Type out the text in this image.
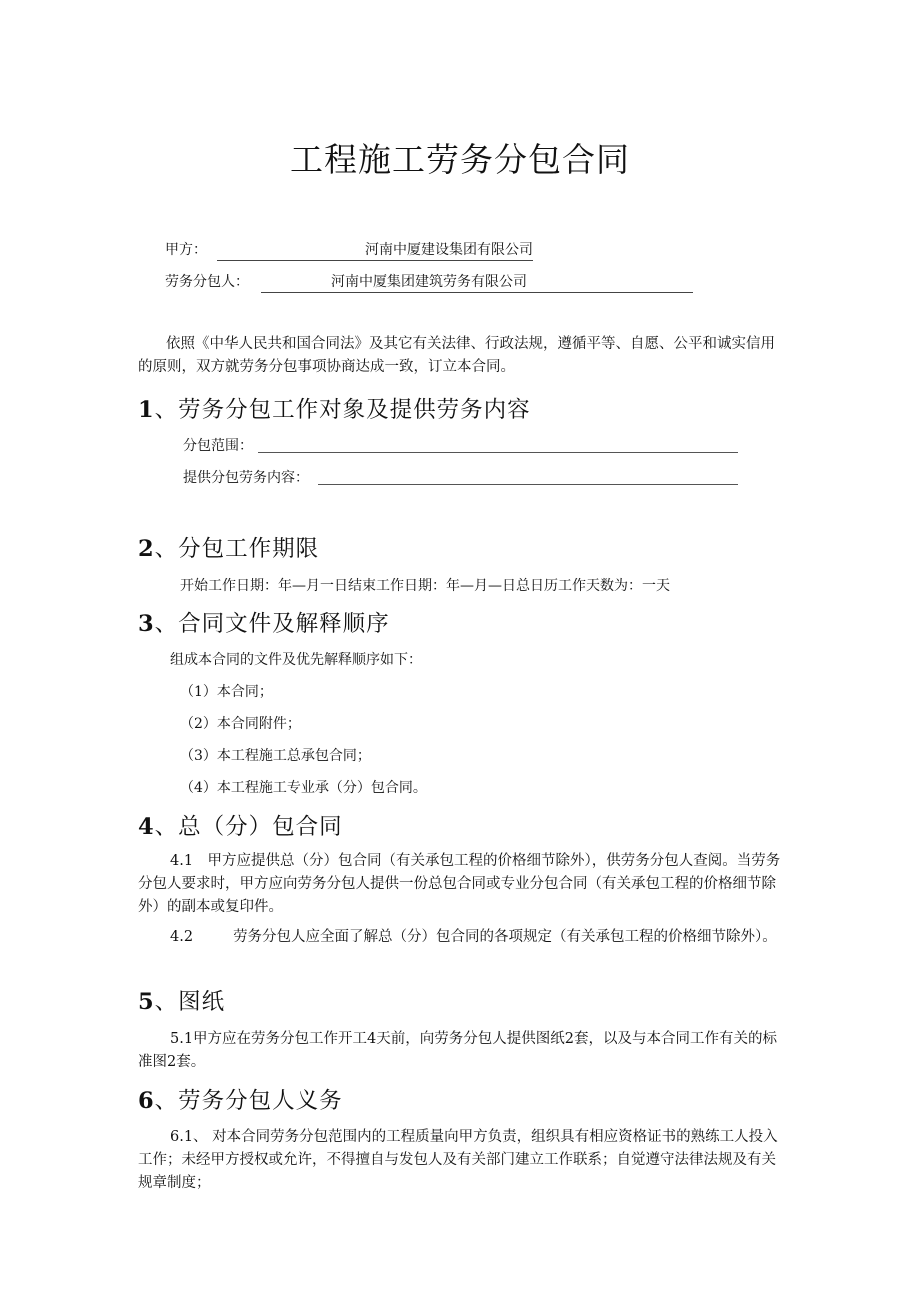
工程施工劳务分包合同
甲方：	河南中厦建设集团有限公司
劳务分包人：	河南中厦集团建筑劳务有限公司
依照《中华人民共和国合同法》及其它有关法律、行政法规，遵循平等、自愿、公平和诚实信用的原则，双方就劳务分包事项协商达成一致，订立本合同。
1、劳务分包工作对象及提供劳务内容
分包范围：
提供分包劳务内容：
2、分包工作期限
开始工作日期：年—月一日结束工作日期：年—月—日总日历工作天数为：一天
3、合同文件及解释顺序
组成本合同的文件及优先解释顺序如下：
（1）本合同；
（2）本合同附件；
（3）本工程施工总承包合同；
（4）本工程施工专业承（分）包合同。
4、总（分）包合同
4.1　甲方应提供总（分）包合同（有关承包工程的价格细节除外），供劳务分包人查阅。当劳务分包人要求时，甲方应向劳务分包人提供一份总包合同或专业分包合同（有关承包工程的价格细节除外）的副本或复印件。
4.2	劳务分包人应全面了解总（分）包合同的各项规定（有关承包工程的价格细节除外）。
5、图纸
5.1甲方应在劳务分包工作开工4天前，向劳务分包人提供图纸2套，以及与本合同工作有关的标准图2套。
6、劳务分包人义务
6.1、 对本合同劳务分包范围内的工程质量向甲方负责，组织具有相应资格证书的熟练工人投入工作；未经甲方授权或允许，不得擅自与发包人及有关部门建立工作联系；自觉遵守法律法规及有关规章制度；
